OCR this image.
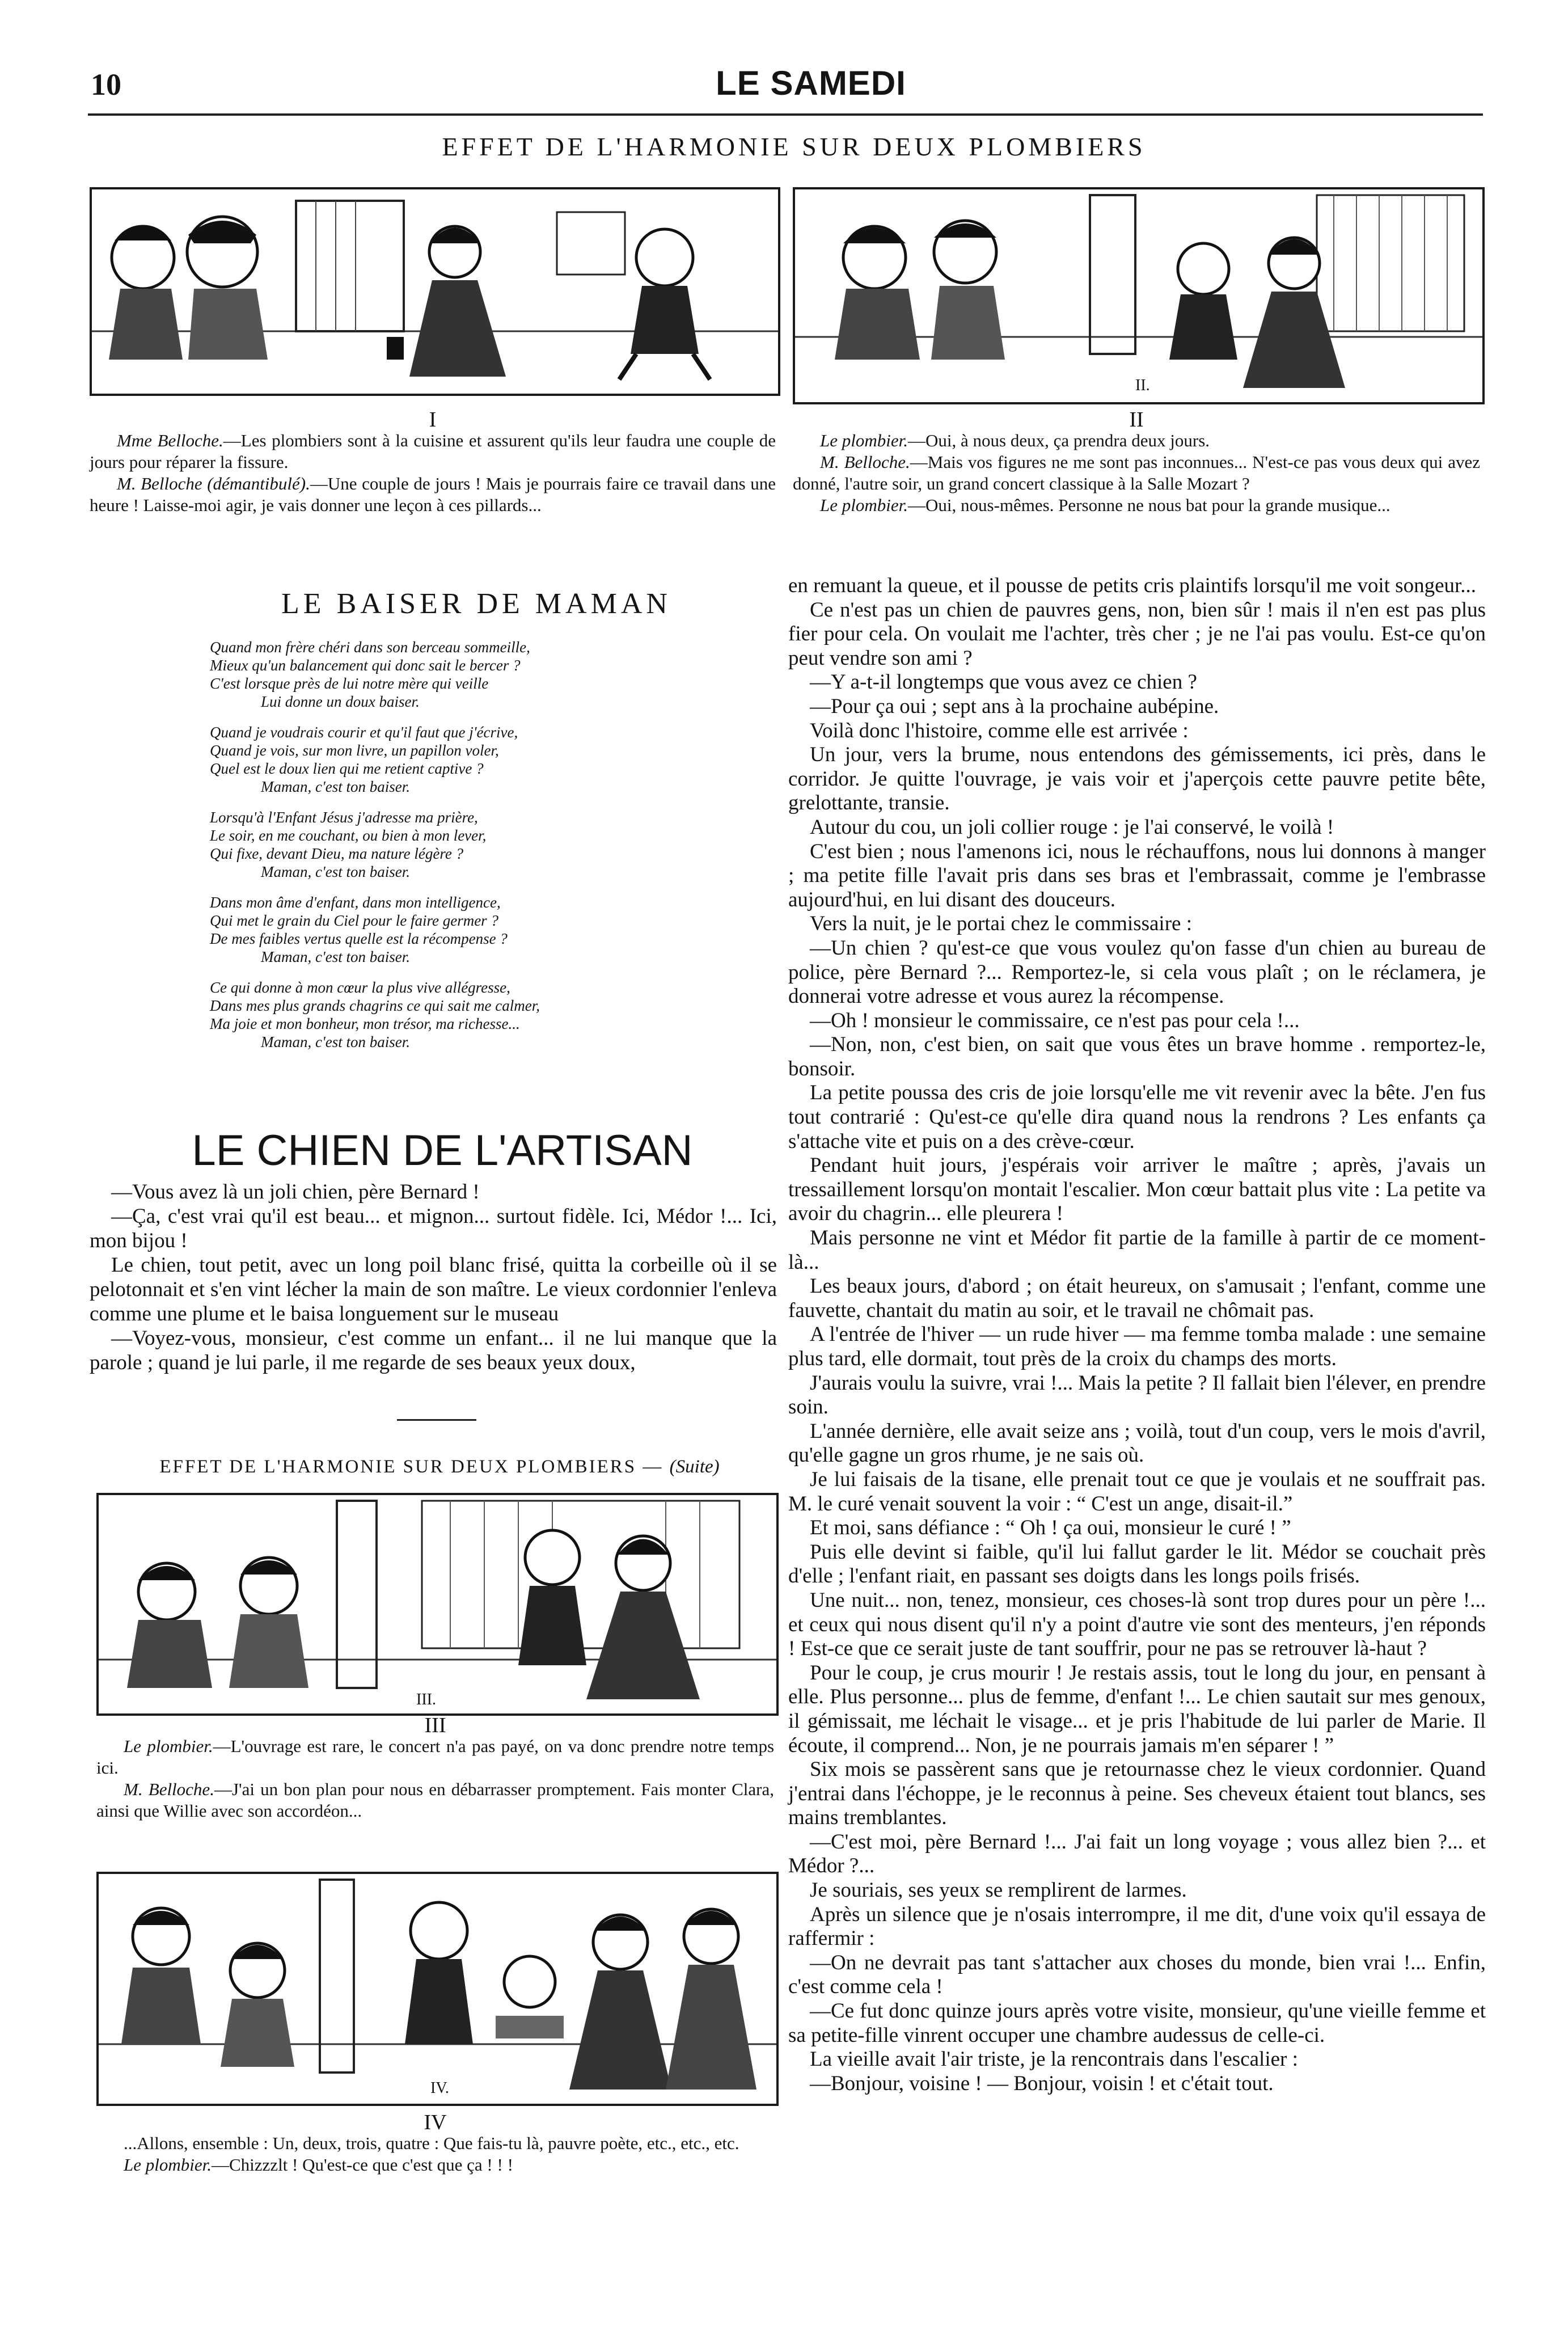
10	LE SAMEDI
EFFET DE L'HARMONIE SUR DEUX PLOMBIERS
I

Mme Belloche.—Les plombiers sont à la cuisine et assurent qu'ils leur faudra une couple de jours pour réparer la fissure.

M. Belloche (démantibulé).—Une couple de jours ! Mais je pourrais faire ce travail dans une heure ! Laisse-moi agir, je vais donner une leçon à ces pillards...

II.
II

Le plombier.—Oui, à nous deux, ça prendra deux jours.

M. Belloche.—Mais vos figures ne me sont pas inconnues... N'est-ce pas vous deux qui avez donné, l'autre soir, un grand concert classique à la Salle Mozart ?

Le plombier.—Oui, nous-mêmes. Personne ne nous bat pour la grande musique...

LE BAISER DE MAMAN
Quand mon frère chéri dans son berceau sommeille,
Mieux qu'un balancement qui donc sait le bercer ?
C'est lorsque près de lui notre mère qui veille
Lui donne un doux baiser.
Quand je voudrais courir et qu'il faut que j'écrive,
Quand je vois, sur mon livre, un papillon voler,
Quel est le doux lien qui me retient captive ?
Maman, c'est ton baiser.
Lorsqu'à l'Enfant Jésus j'adresse ma prière,
Le soir, en me couchant, ou bien à mon lever,
Qui fixe, devant Dieu, ma nature légère ?
Maman, c'est ton baiser.
Dans mon âme d'enfant, dans mon intelligence,
Qui met le grain du Ciel pour le faire germer ?
De mes faibles vertus quelle est la récompense ?
Maman, c'est ton baiser.
Ce qui donne à mon cœur la plus vive allégresse,
Dans mes plus grands chagrins ce qui sait me calmer,
Ma joie et mon bonheur, mon trésor, ma richesse...
Maman, c'est ton baiser.
LE CHIEN DE L'ARTISAN

—Vous avez là un joli chien, père Bernard !

—Ça, c'est vrai qu'il est beau... et mignon... surtout fidèle. Ici, Médor !... Ici, mon bijou !

Le chien, tout petit, avec un long poil blanc frisé, quitta la corbeille où il se pelotonnait et s'en vint lécher la main de son maître. Le vieux cordonnier l'enleva comme une plume et le baisa longuement sur le museau

—Voyez-vous, monsieur, c'est comme un enfant... il ne lui manque que la parole ; quand je lui parle, il me regarde de ses beaux yeux doux,

EFFET DE L'HARMONIE SUR DEUX PLOMBIERS — (Suite)
III.
III

Le plombier.—L'ouvrage est rare, le concert n'a pas payé, on va donc prendre notre temps ici.

M. Belloche.—J'ai un bon plan pour nous en débarrasser promptement. Fais monter Clara, ainsi que Willie avec son accordéon...

IV.
IV

...Allons, ensemble : Un, deux, trois, quatre : Que fais-tu là, pauvre poète, etc., etc., etc.

Le plombier.—Chizzzlt ! Qu'est-ce que c'est que ça ! ! !

en remuant la queue, et il pousse de petits cris plaintifs lorsqu'il me voit songeur...

Ce n'est pas un chien de pauvres gens, non, bien sûr ! mais il n'en est pas plus fier pour cela. On voulait me l'achter, très cher ; je ne l'ai pas voulu. Est-ce qu'on peut vendre son ami ?

—Y a-t-il longtemps que vous avez ce chien ?

—Pour ça oui ; sept ans à la prochaine aubépine.

Voilà donc l'histoire, comme elle est arrivée :

Un jour, vers la brume, nous entendons des gémissements, ici près, dans le corridor. Je quitte l'ouvrage, je vais voir et j'aperçois cette pauvre petite bête, grelottante, transie.

Autour du cou, un joli collier rouge : je l'ai conservé, le voilà !

C'est bien ; nous l'amenons ici, nous le réchauffons, nous lui donnons à manger ; ma petite fille l'avait pris dans ses bras et l'embrassait, comme je l'embrasse aujourd'hui, en lui disant des douceurs.

Vers la nuit, je le portai chez le commissaire :

—Un chien ? qu'est-ce que vous voulez qu'on fasse d'un chien au bureau de police, père Bernard ?... Remportez-le, si cela vous plaît ; on le réclamera, je donnerai votre adresse et vous aurez la récompense.

—Oh ! monsieur le commissaire, ce n'est pas pour cela !...

—Non, non, c'est bien, on sait que vous êtes un brave homme . remportez-le, bonsoir.

La petite poussa des cris de joie lorsqu'elle me vit revenir avec la bête. J'en fus tout contrarié : Qu'est-ce qu'elle dira quand nous la rendrons ? Les enfants ça s'attache vite et puis on a des crève-cœur.

Pendant huit jours, j'espérais voir arriver le maître ; après, j'avais un tressaillement lorsqu'on montait l'escalier. Mon cœur battait plus vite : La petite va avoir du chagrin... elle pleurera !

Mais personne ne vint et Médor fit partie de la famille à partir de ce moment-là...

Les beaux jours, d'abord ; on était heureux, on s'amusait ; l'enfant, comme une fauvette, chantait du matin au soir, et le travail ne chômait pas.

A l'entrée de l'hiver — un rude hiver — ma femme tomba malade : une semaine plus tard, elle dormait, tout près de la croix du champs des morts.

J'aurais voulu la suivre, vrai !... Mais la petite ? Il fallait bien l'élever, en prendre soin.

L'année dernière, elle avait seize ans ; voilà, tout d'un coup, vers le mois d'avril, qu'elle gagne un gros rhume, je ne sais où.

Je lui faisais de la tisane, elle prenait tout ce que je voulais et ne souffrait pas. M. le curé venait souvent la voir : “ C'est un ange, disait-il.”

Et moi, sans défiance : “ Oh ! ça oui, monsieur le curé ! ”

Puis elle devint si faible, qu'il lui fallut garder le lit. Médor se couchait près d'elle ; l'enfant riait, en passant ses doigts dans les longs poils frisés.

Une nuit... non, tenez, monsieur, ces choses-là sont trop dures pour un père !... et ceux qui nous disent qu'il n'y a point d'autre vie sont des menteurs, j'en réponds ! Est-ce que ce serait juste de tant souffrir, pour ne pas se retrouver là-haut ?

Pour le coup, je crus mourir ! Je restais assis, tout le long du jour, en pensant à elle. Plus personne... plus de femme, d'enfant !... Le chien sautait sur mes genoux, il gémissait, me léchait le visage... et je pris l'habitude de lui parler de Marie. Il écoute, il comprend... Non, je ne pourrais jamais m'en séparer ! ”

Six mois se passèrent sans que je retournasse chez le vieux cordonnier. Quand j'entrai dans l'échoppe, je le reconnus à peine. Ses cheveux étaient tout blancs, ses mains tremblantes.

—C'est moi, père Bernard !... J'ai fait un long voyage ; vous allez bien ?... et Médor ?...

Je souriais, ses yeux se remplirent de larmes.

Après un silence que je n'osais interrompre, il me dit, d'une voix qu'il essaya de raffermir :

—On ne devrait pas tant s'attacher aux choses du monde, bien vrai !... Enfin, c'est comme cela !

—Ce fut donc quinze jours après votre visite, monsieur, qu'une vieille femme et sa petite-fille vinrent occuper une chambre audessus de celle-ci.

La vieille avait l'air triste, je la rencontrais dans l'escalier :

—Bonjour, voisine ! — Bonjour, voisin ! et c'était tout.
